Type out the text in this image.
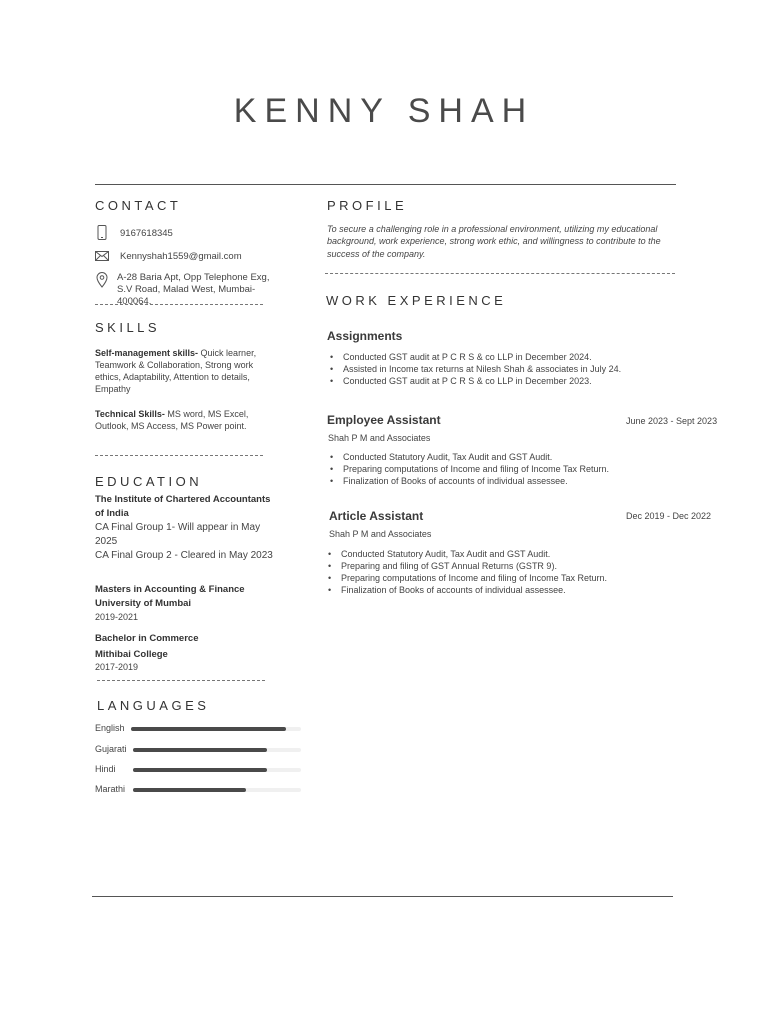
KENNY SHAH
CONTACT
9167618345
Kennyshah1559@gmail.com
A-28 Baria Apt, Opp Telephone Exg, S.V Road, Malad West, Mumbai-400064.
SKILLS

Self-management skills- Quick learner, Teamwork & Collaboration, Strong work ethics, Adaptability, Attention to details, Empathy

Technical Skills- MS word, MS Excel, Outlook, MS Access, MS Power point.

EDUCATION
The Institute of Chartered Accountants of India
CA Final Group 1- Will appear in May 2025
CA Final Group 2 - Cleared in May 2023
Masters in Accounting & Finance
University of Mumbai
2019-2021
Bachelor in Commerce
Mithibai College
2017-2019
LANGUAGES
English
Gujarati
Hindi
Marathi
PROFILE
To secure a challenging role in a professional environment, utilizing my educational background, work experience, strong work ethic, and willingness to contribute to the success of the company.
WORK EXPERIENCE
Assignments
• Conducted GST audit at P C R S & co LLP in December 2024.
• Assisted in Income tax returns at Nilesh Shah & associates in July 24.
• Conducted GST audit at P C R S & co LLP in December 2023.
Employee Assistant	June 2023 - Sept 2023
Shah P M and Associates
• Conducted Statutory Audit, Tax Audit and GST Audit.
• Preparing computations of Income and filing of Income Tax Return.
• Finalization of Books of accounts of individual assessee.
Article Assistant	Dec 2019 - Dec 2022
Shah P M and Associates
• Conducted Statutory Audit, Tax Audit and GST Audit.
• Preparing and filing of GST Annual Returns (GSTR 9).
• Preparing computations of Income and filing of Income Tax Return.
• Finalization of Books of accounts of individual assessee.
